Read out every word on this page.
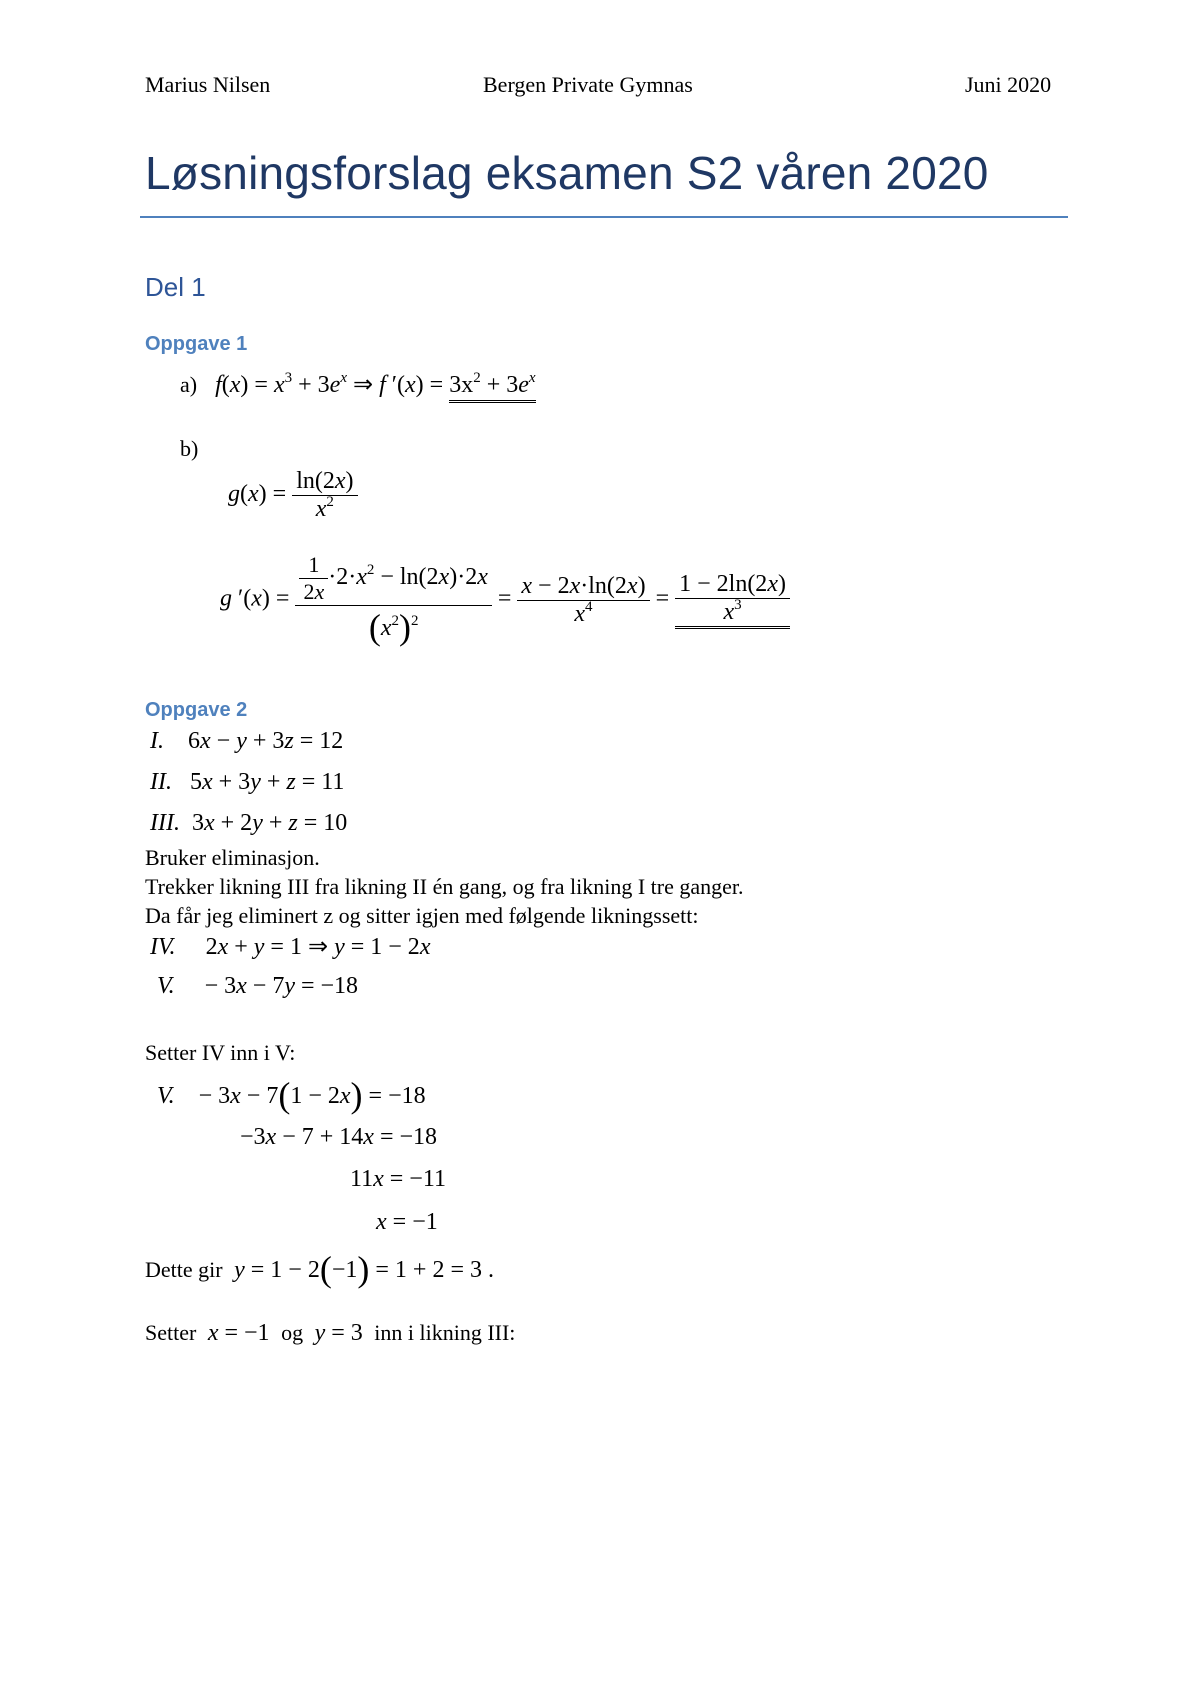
Marius Nilsen	Bergen Private Gymnas	Juni 2020
Løsningsforslag eksamen S2 våren 2020
Del 1
Oppgave 1
a) $f(x) = x^3 + 3e^x$ ⇒ f $'(x) = 3x^2 + 3e^x$
b)
$g(x) = \frac{\ln(2x)}{x^2}$
g $'(x) = \frac{\frac{1}{2x} \cdot 2\cdot x^2 - \ln(2x)\cdot 2x}{(x^2)^2} = \frac{x - 2x\cdot\ln(2x)}{x^4} = \frac{1 - 2\ln(2x)}{x^3}$
Oppgave 2
I.    6x − y + 3z = 12
II.   5x + 3y + z = 11
III.  3x + 2y + z = 10
Bruker eliminasjon.
Trekker likning III fra likning II én gang, og fra likning I tre ganger.
Da får jeg eliminert z og sitter igjen med følgende likningssett:
IV.     2x + y = 1 ⇒ y = 1 − 2x
V.     − 3x − 7y = −18
Setter IV inn i V:
V.    − 3x − 7(1 − 2x) = −18
−3x − 7 + 14x = −18
11x = −11
x = −1
Dette gir y = 1 − 2(−1) = 1 + 2 = 3 .
Setter x = −1  og y = 3  inn i likning III:
